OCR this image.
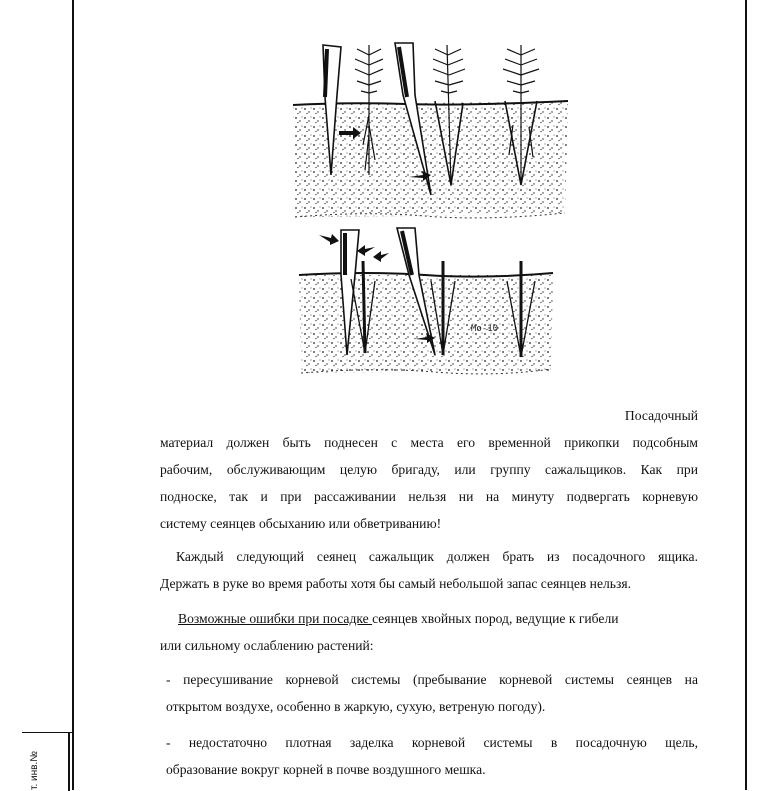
т. инв.№
Мо-10

Посадочный

материал должен быть поднесен с места его временной прикопки подсобным
рабочим, обслуживающим целую бригаду, или группу сажальщиков. Как при
подноске, так и при рассаживании нельзя ни на минуту подвергать корневую
систему сеянцев обсыханию или обветриванию!
Каждый следующий сеянец сажальщик должен брать из посадочного ящика.
Держать в руке во время работы хотя бы самый небольшой запас сеянцев нельзя.
Возможные ошибки при посадке сеянцев хвойных пород, ведущие к гибели
или сильному ослаблению растений:
- пересушивание корневой системы (пребывание корневой системы сеянцев на
открытом воздухе, особенно в жаркую, сухую, ветреную погоду).
- недостаточно плотная заделка корневой системы в посадочную щель,
образование вокруг корней в почве воздушного мешка.
